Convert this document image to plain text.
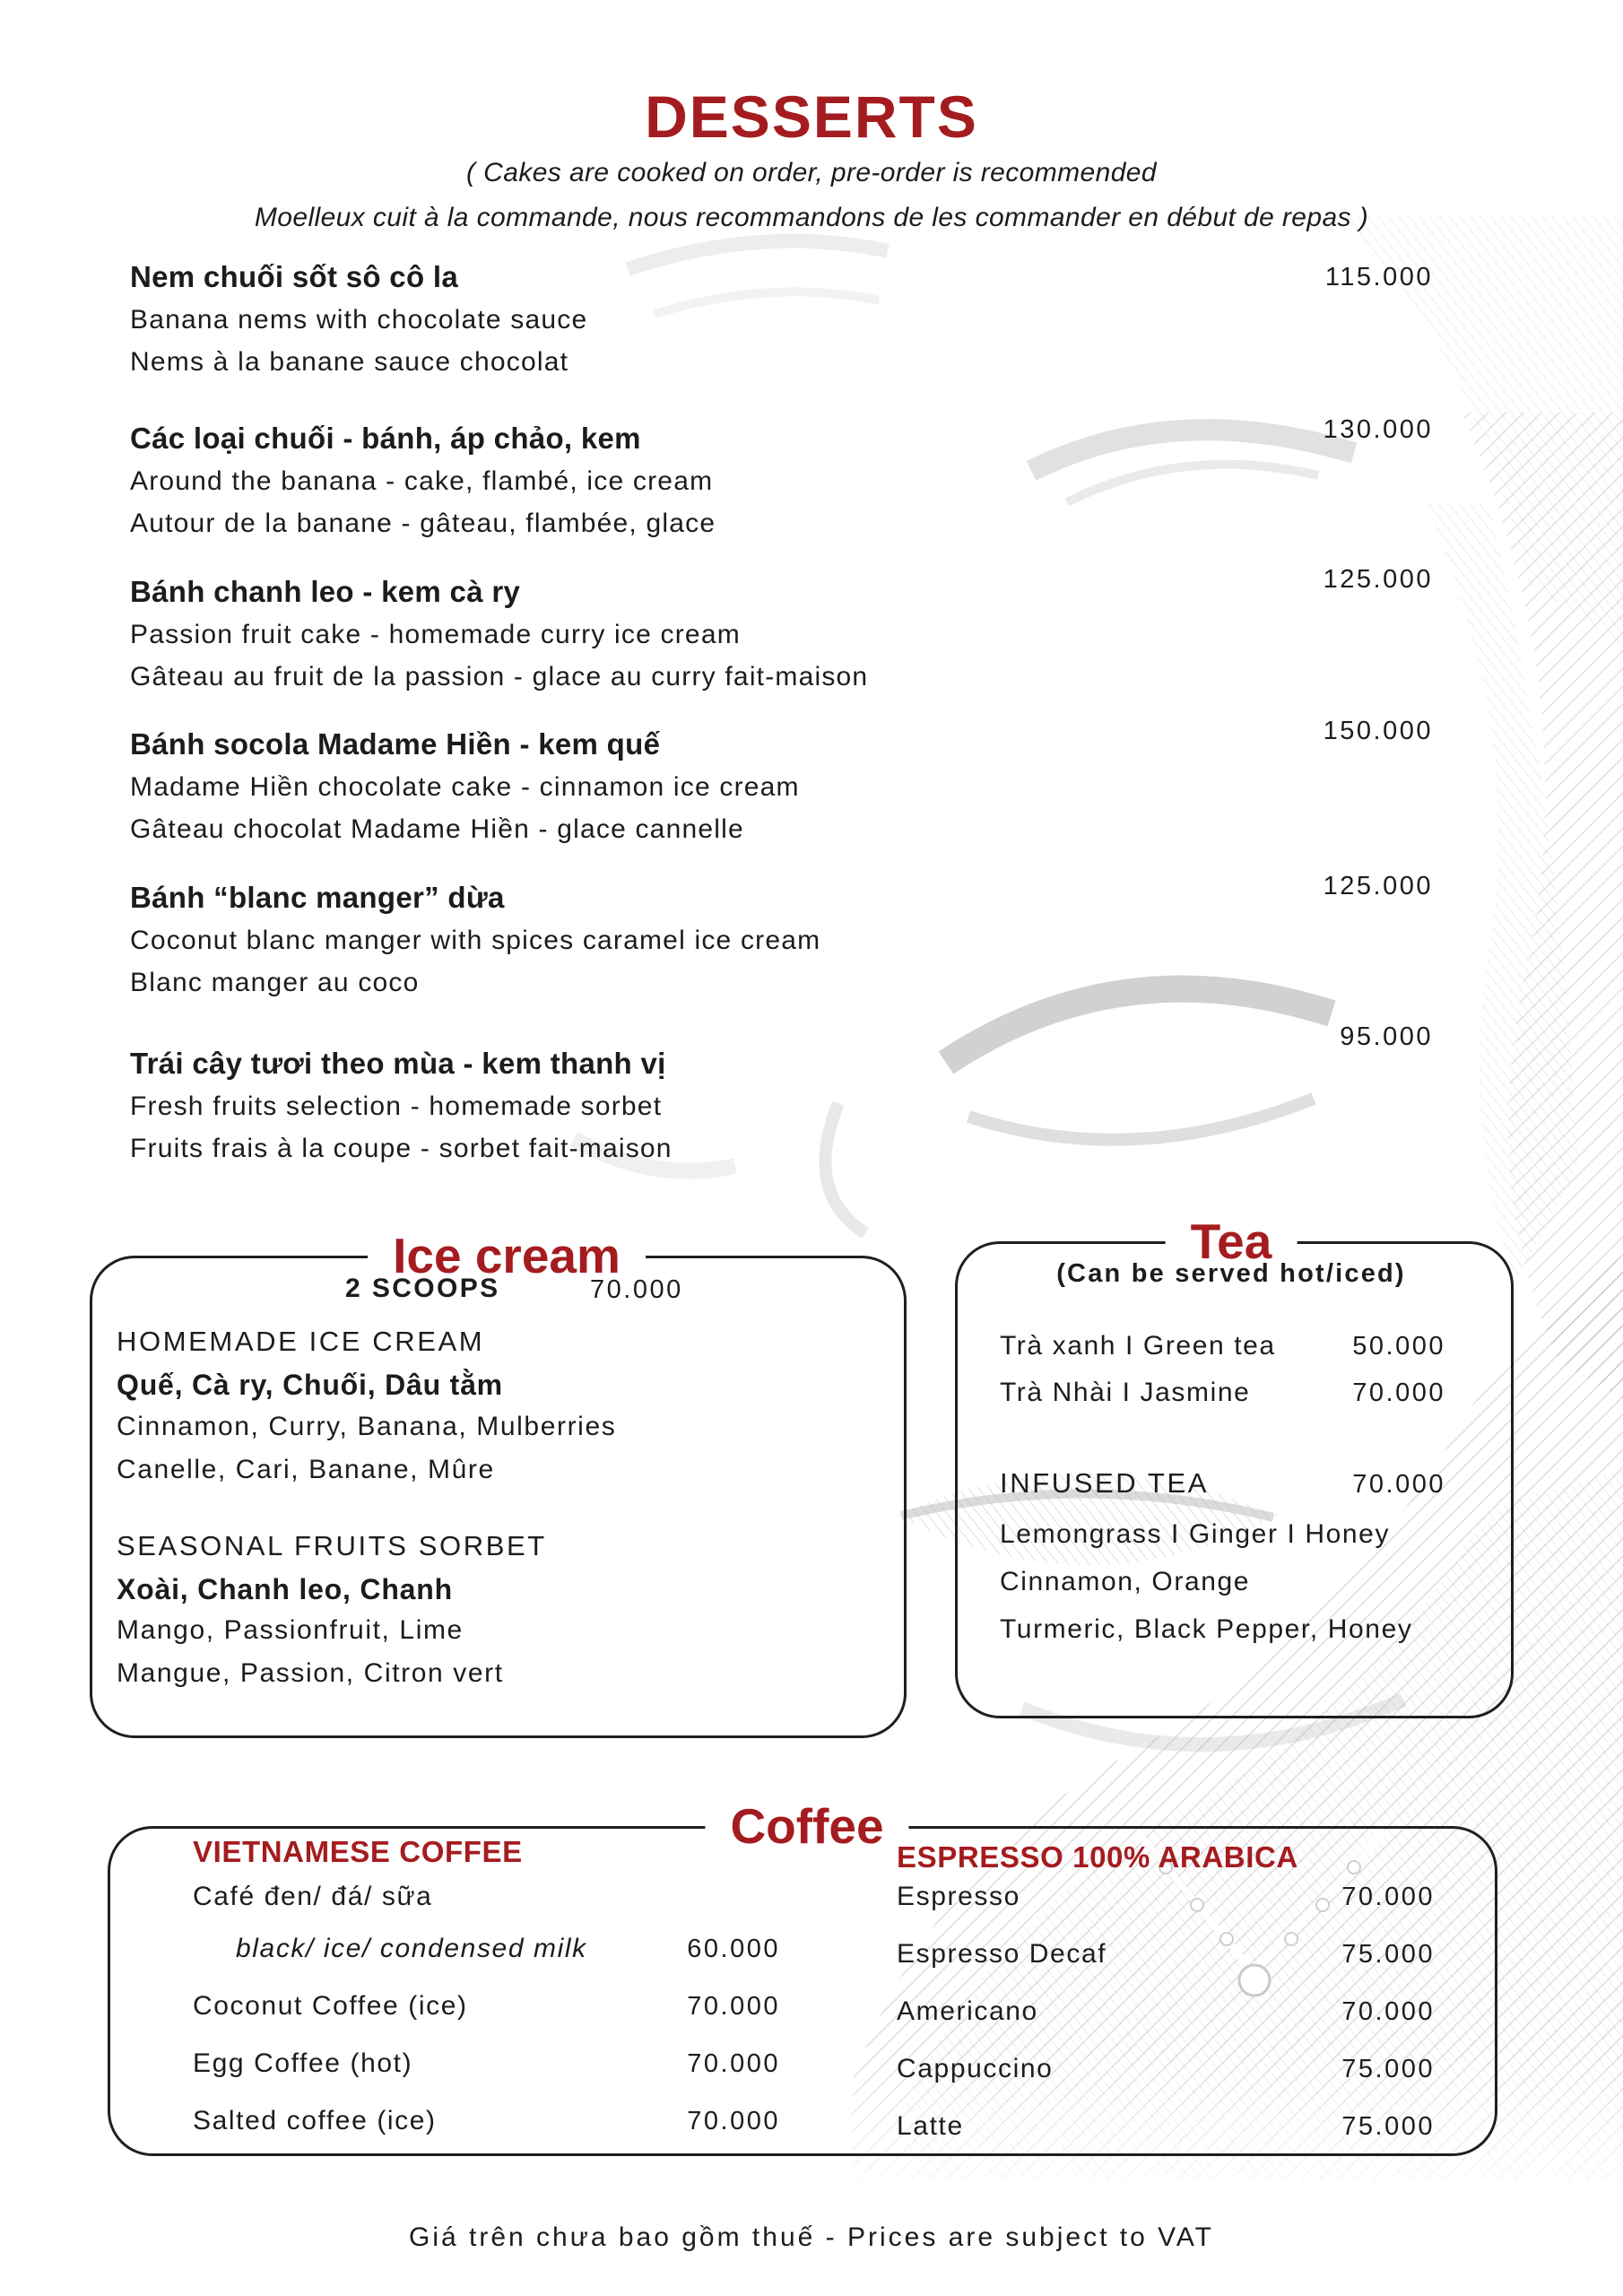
DESSERTS
( Cakes are cooked on order, pre-order is recommended
Moelleux cuit à la commande, nous recommandons de les commander en début de repas )
Nem chuối sốt sô cô la
Banana nems with chocolate sauce
Nems à la banane sauce chocolat
115.000
Các loại chuối - bánh, áp chảo, kem
Around the banana - cake, flambé, ice cream
Autour de la banane - gâteau, flambée, glace
130.000
Bánh chanh leo - kem cà ry
Passion fruit cake - homemade curry ice cream
Gâteau au fruit de la passion - glace au curry fait-maison
125.000
Bánh socola Madame Hiền - kem quế
Madame Hiền chocolate cake - cinnamon ice cream
Gâteau chocolat Madame Hiền - glace cannelle
150.000
Bánh “blanc manger” dừa
Coconut blanc manger with spices caramel ice cream
Blanc manger au coco
125.000
Trái cây tươi theo mùa - kem thanh vị
Fresh fruits selection - homemade sorbet
Fruits frais à la coupe - sorbet fait-maison
95.000
Ice cream
2 SCOOPS	70.000
HOMEMADE ICE CREAM
Quế, Cà ry, Chuối, Dâu tằm
Cinnamon, Curry, Banana, Mulberries
Canelle, Cari, Banane, Mûre
SEASONAL FRUITS SORBET
Xoài, Chanh leo, Chanh
Mango, Passionfruit, Lime
Mangue, Passion, Citron vert
Tea
(Can be served hot/iced)
Trà xanh I Green tea	50.000
Trà Nhài I Jasmine	70.000
INFUSED TEA	70.000
Lemongrass I Ginger I Honey
Cinnamon, Orange
Turmeric, Black Pepper, Honey
Coffee
VIETNAMESE COFFEE
Café đen/ đá/ sữa
black/ ice/ condensed milk	60.000
Coconut Coffee (ice)	70.000
Egg Coffee (hot)	70.000
Salted coffee (ice)	70.000
ESPRESSO 100% ARABICA
Espresso	70.000
Espresso Decaf	75.000
Americano	70.000
Cappuccino	75.000
Latte	75.000
Giá trên chưa bao gồm thuế - Prices are subject to VAT
